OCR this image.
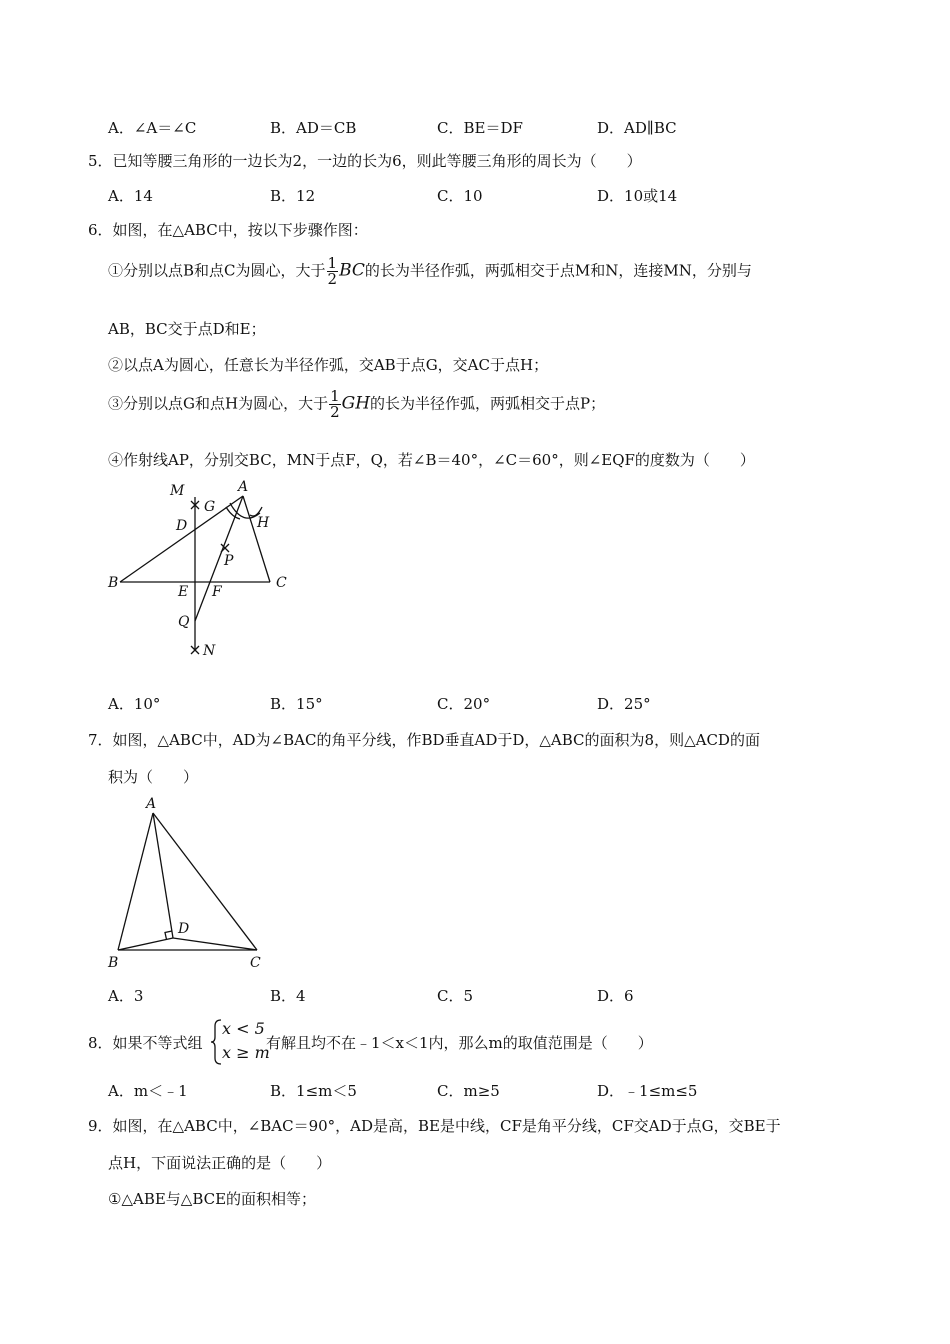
A．∠A＝∠C	B．AD＝CB	C．BE＝DF	D．AD∥BC
5．已知等腰三角形的一边长为2，一边的长为6，则此等腰三角形的周长为（　　）
A．14	B．12	C．10	D．10或14
6．如图，在△ABC中，按以下步骤作图：
①分别以点B和点C为圆心，大于 $\frac{1}{2}$ BC的长为半径作弧，两弧相交于点M和N，连接MN，分别与
AB，BC交于点D和E；
②以点A为圆心，任意长为半径作弧，交AB于点G，交AC于点H；
③分别以点G和点H为圆心，大于 $\frac{1}{2}$ GH的长为半径作弧，两弧相交于点P；
④作射线AP，分别交BC，MN于点F，Q，若∠B＝40°，∠C＝60°，则∠EQF的度数为（　　）
M
G
A
D	H
P
B
E F
C
Q
N
A．10°	B．15°	C．20°	D．25°
7．如图，△ABC中，AD为∠BAC的角平分线，作BD垂直AD于D，△ABC的面积为8，则△ACD的面
积为（　　）
A
D
B	C
A．3	B．4	C．5	D．6
8．如果不等式组
x < 5
x ≥ m
有解且均不在﹣1＜x＜1内，那么m的取值范围是（　　）
A．m＜﹣1	B．1≤m＜5	C．m≥5	D．﹣1≤m≤5
9．如图，在△ABC中，∠BAC＝90°，AD是高，BE是中线，CF是角平分线，CF交AD于点G，交BE于
点H，下面说法正确的是（　　）
①△ABE与△BCE的面积相等；
